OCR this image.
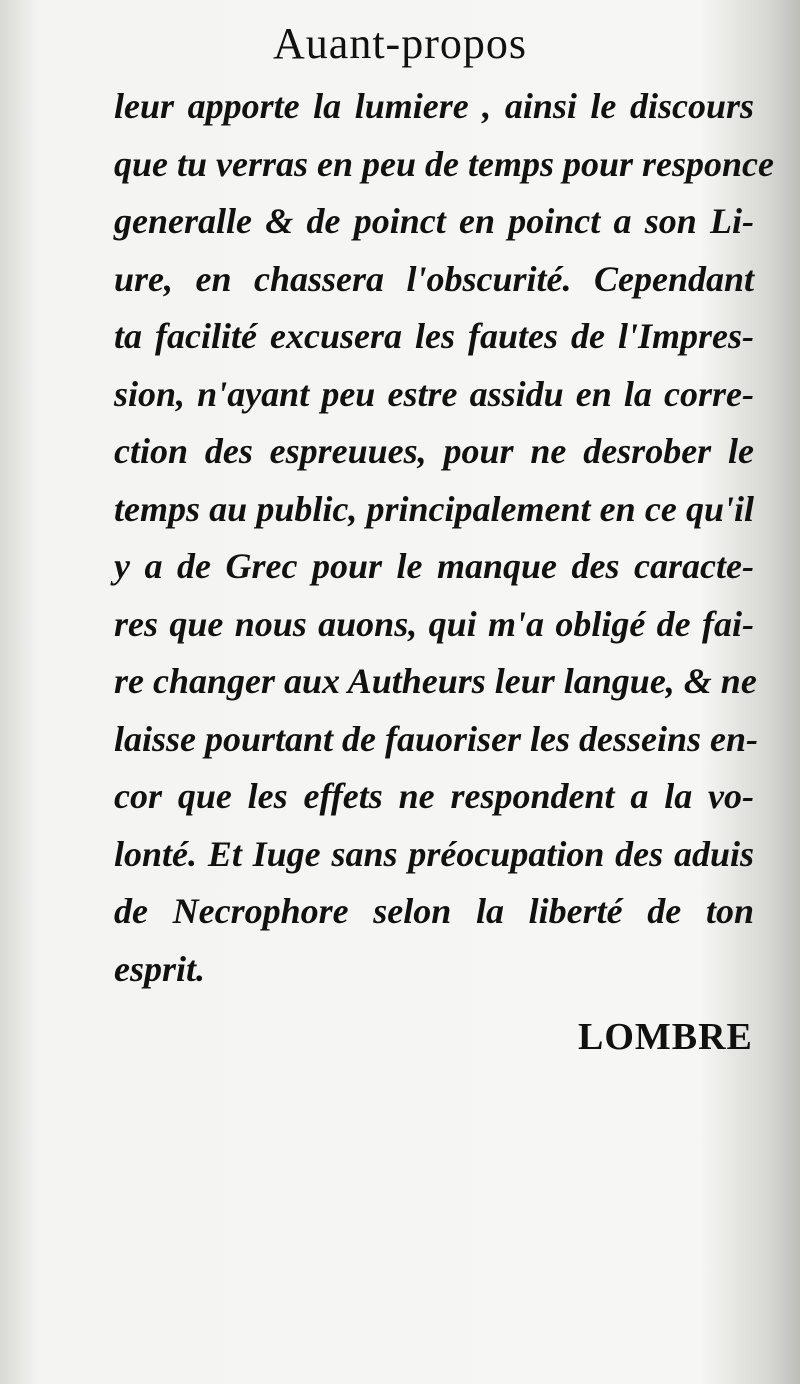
Auant-propos
leur apporte la lumiere , ainsi le discours
que tu verras en peu de temps pour responce
generalle & de poinct en poinct a son Li-
ure, en chassera l'obscurité. Cependant
ta facilité excusera les fautes de l'Impres-
sion, n'ayant peu estre assidu en la corre-
ction des espreuues, pour ne desrober le
temps au public, principalement en ce qu'il
y a de Grec pour le manque des caracte-
res que nous auons, qui m'a obligé de fai-
re changer aux Autheurs leur langue, & ne
laisse pourtant de fauoriser les desseins en-
cor que les effets ne respondent a la vo-
lonté. Et Iuge sans préocupation des aduis
de Necrophore selon la liberté de ton
esprit.
LOMBRE
